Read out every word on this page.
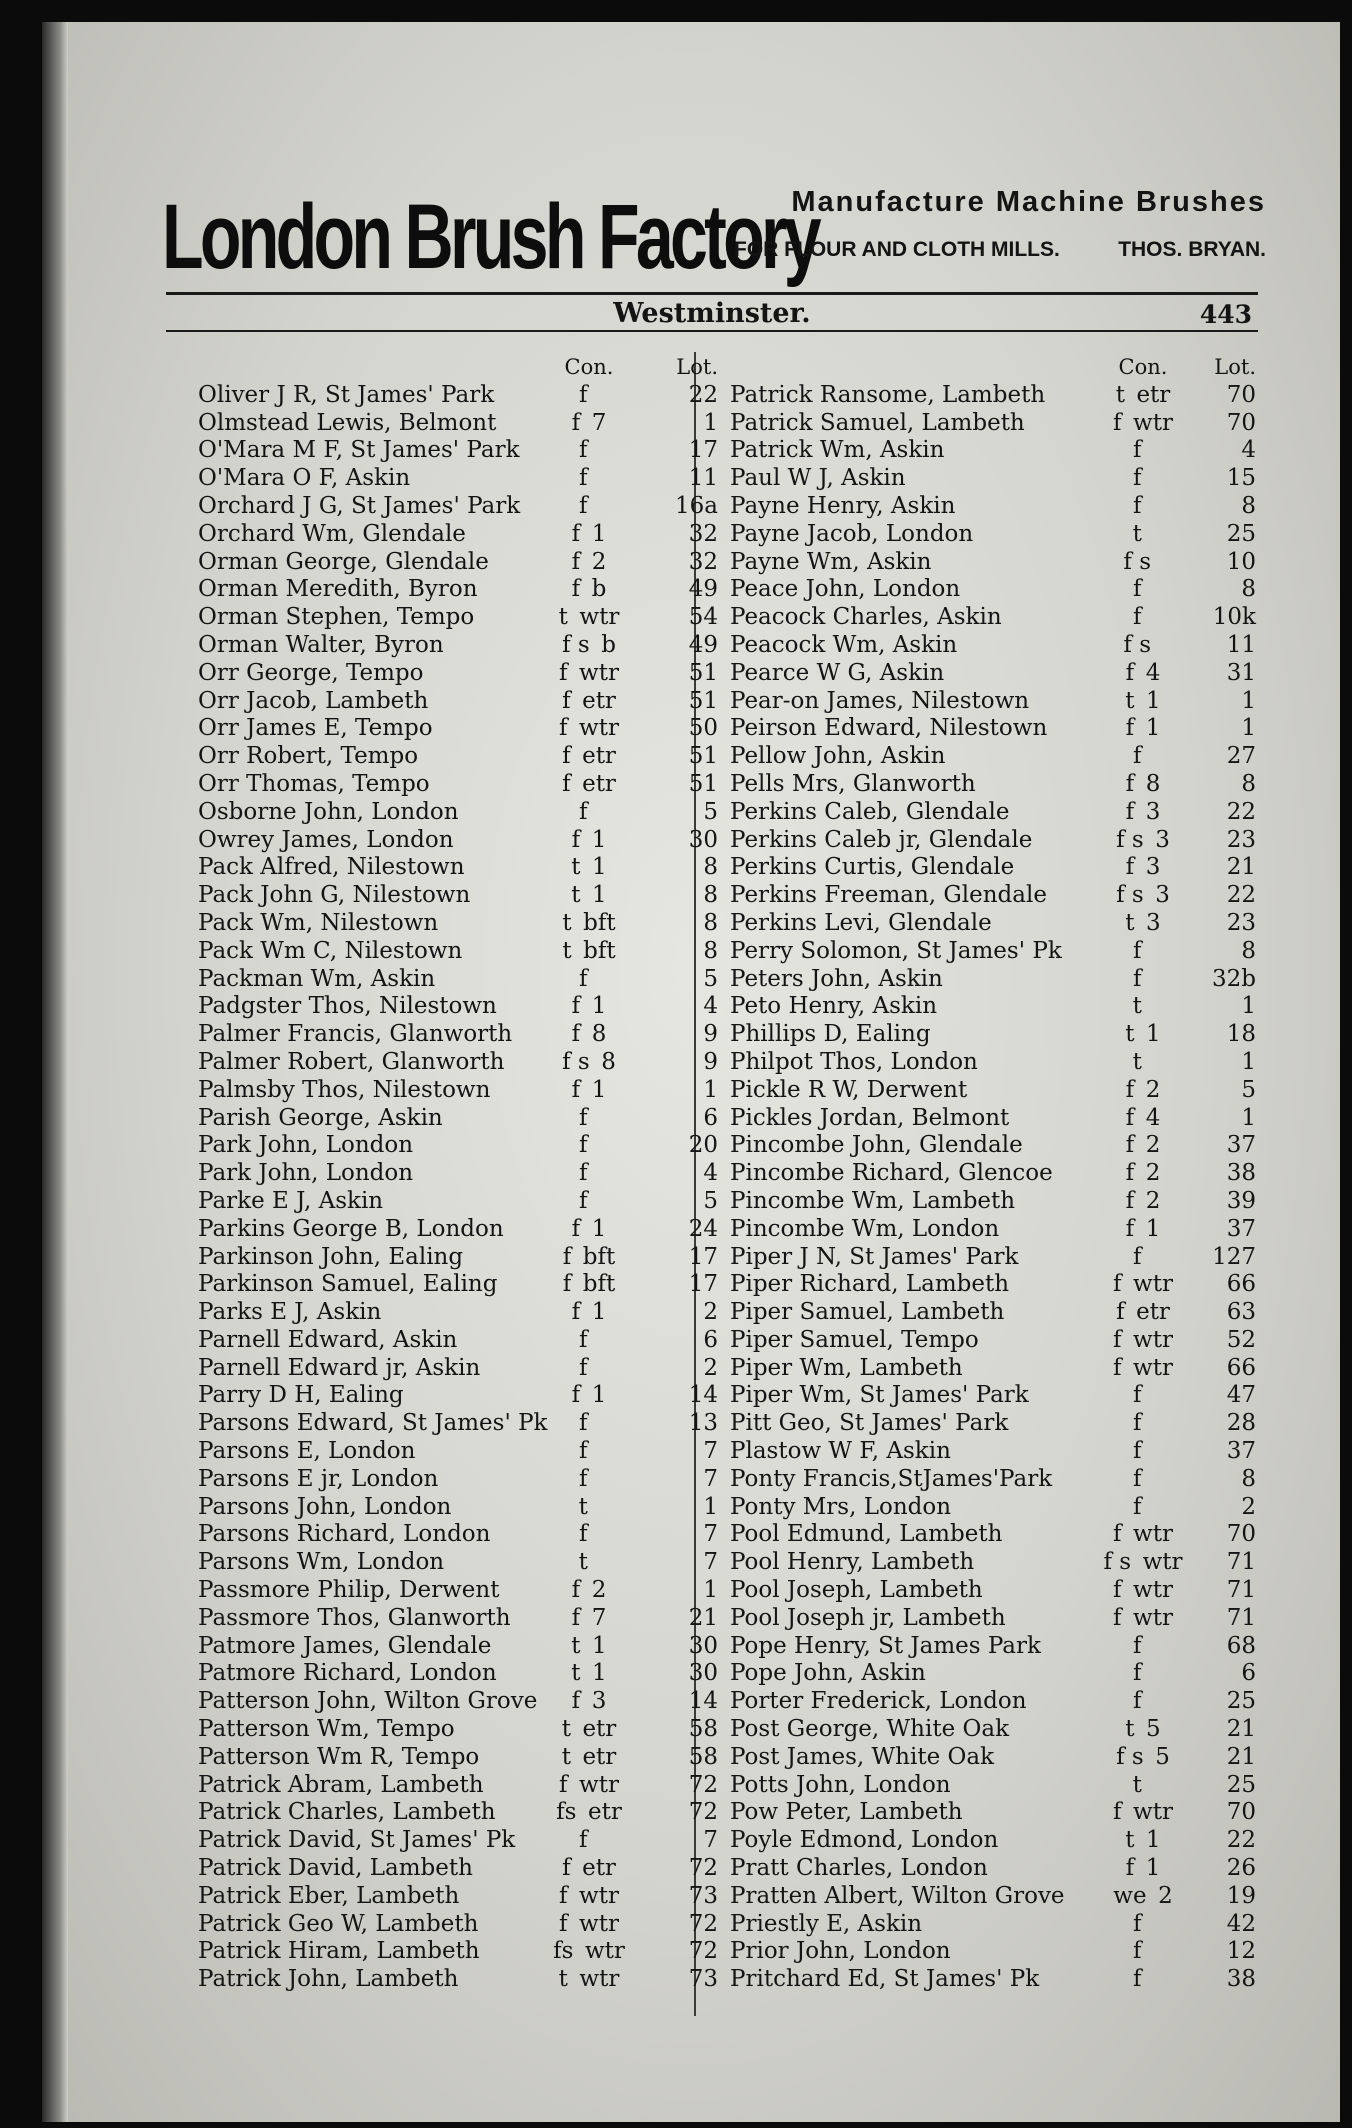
London Brush Factory
Manufacture Machine Brushes
FOR FLOUR AND CLOTH MILLS.	THOS. BRYAN.
Westminster.	443
Con.	Lot.
Oliver J R, St James' Park	f 	22
Olmstead Lewis, Belmont	f  7	1
O'Mara M F, St James' Park	f 	17
O'Mara O F, Askin	f 	11
Orchard J G, St James' Park	f 	16a
Orchard Wm, Glendale	f  1	32
Orman George, Glendale	f  2	32
Orman Meredith, Byron	f  b	49
Orman Stephen, Tempo	t  wtr	54
Orman Walter, Byron	f s  b	49
Orr George, Tempo	f  wtr	51
Orr Jacob, Lambeth	f  etr	51
Orr James E, Tempo	f  wtr	50
Orr Robert, Tempo	f  etr	51
Orr Thomas, Tempo	f  etr	51
Osborne John, London	f 	5
Owrey James, London	f  1	30
Pack Alfred, Nilestown	t  1	8
Pack John G, Nilestown	t  1	8
Pack Wm, Nilestown	t  bft	8
Pack Wm C, Nilestown	t  bft	8
Packman Wm, Askin	f 	5
Padgster Thos, Nilestown	f  1	4
Palmer Francis, Glanworth	f  8	9
Palmer Robert, Glanworth	f s  8	9
Palmsby Thos, Nilestown	f  1	1
Parish George, Askin	f 	6
Park John, London	f 	20
Park John, London	f 	4
Parke E J, Askin	f 	5
Parkins George B, London	f  1	24
Parkinson John, Ealing	f  bft	17
Parkinson Samuel, Ealing	f  bft	17
Parks E J, Askin	f  1	2
Parnell Edward, Askin	f 	6
Parnell Edward jr, Askin	f 	2
Parry D H, Ealing	f  1	14
Parsons Edward, St James' Pk	f 	13
Parsons E, London	f 	7
Parsons E jr, London	f 	7
Parsons John, London	t 	1
Parsons Richard, London	f 	7
Parsons Wm, London	t 	7
Passmore Philip, Derwent	f  2	1
Passmore Thos, Glanworth	f  7	21
Patmore James, Glendale	t  1	30
Patmore Richard, London	t  1	30
Patterson John, Wilton Grove	f  3	14
Patterson Wm, Tempo	t  etr	58
Patterson Wm R, Tempo	t  etr	58
Patrick Abram, Lambeth	f  wtr	72
Patrick Charles, Lambeth	fs  etr	72
Patrick David, St James' Pk	f 	7
Patrick David, Lambeth	f  etr	72
Patrick Eber, Lambeth	f  wtr	73
Patrick Geo W, Lambeth	f  wtr	72
Patrick Hiram, Lambeth	fs  wtr	72
Patrick John, Lambeth	t  wtr	73
Con.	Lot.
Patrick Ransome, Lambeth	t  etr	70
Patrick Samuel, Lambeth	f  wtr	70
Patrick Wm, Askin	f 	4
Paul W J, Askin	f 	15
Payne Henry, Askin	f 	8
Payne Jacob, London	t 	25
Payne Wm, Askin	f s 	10
Peace John, London	f 	8
Peacock Charles, Askin	f 	10k
Peacock Wm, Askin	f s 	11
Pearce W G, Askin	f  4	31
Pear-on James, Nilestown	t  1	1
Peirson Edward, Nilestown	f  1	1
Pellow John, Askin	f 	27
Pells Mrs, Glanworth	f  8	8
Perkins Caleb, Glendale	f  3	22
Perkins Caleb jr, Glendale	f s  3	23
Perkins Curtis, Glendale	f  3	21
Perkins Freeman, Glendale	f s  3	22
Perkins Levi, Glendale	t  3	23
Perry Solomon, St James' Pk	f 	8
Peters John, Askin	f 	32b
Peto Henry, Askin	t 	1
Phillips D, Ealing	t  1	18
Philpot Thos, London	t 	1
Pickle R W, Derwent	f  2	5
Pickles Jordan, Belmont	f  4	1
Pincombe John, Glendale	f  2	37
Pincombe Richard, Glencoe	f  2	38
Pincombe Wm, Lambeth	f  2	39
Pincombe Wm, London	f  1	37
Piper J N, St James' Park	f 	127
Piper Richard, Lambeth	f  wtr	66
Piper Samuel, Lambeth	f  etr	63
Piper Samuel, Tempo	f  wtr	52
Piper Wm, Lambeth	f  wtr	66
Piper Wm, St James' Park	f 	47
Pitt Geo, St James' Park	f 	28
Plastow W F, Askin	f 	37
Ponty Francis,StJames'Park	f 	8
Ponty Mrs, London	f 	2
Pool Edmund, Lambeth	f  wtr	70
Pool Henry, Lambeth	f s  wtr	71
Pool Joseph, Lambeth	f  wtr	71
Pool Joseph jr, Lambeth	f  wtr	71
Pope Henry, St James Park	f 	68
Pope John, Askin	f 	6
Porter Frederick, London	f 	25
Post George, White Oak	t  5	21
Post James, White Oak	f s  5	21
Potts John, London	t 	25
Pow Peter, Lambeth	f  wtr	70
Poyle Edmond, London	t  1	22
Pratt Charles, London	f  1	26
Pratten Albert, Wilton Grove	we  2	19
Priestly E, Askin	f 	42
Prior John, London	f 	12
Pritchard Ed, St James' Pk	f 	38
